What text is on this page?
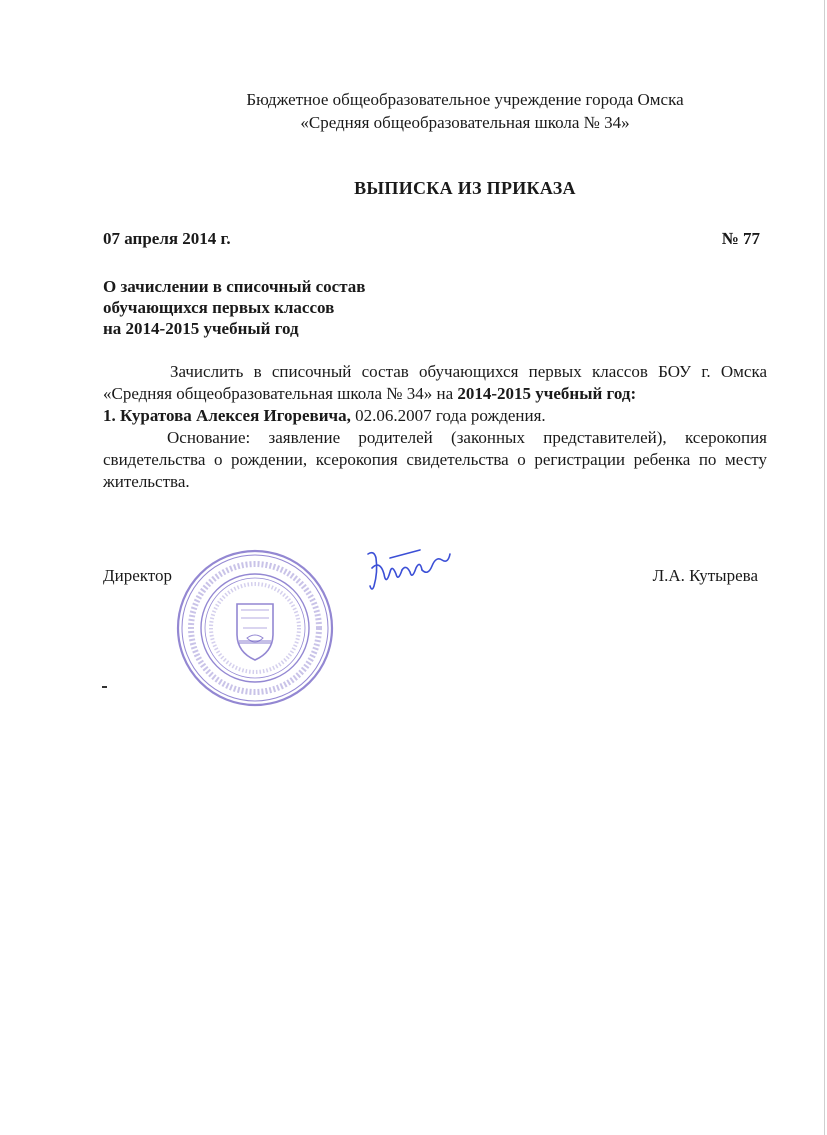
Бюджетное общеобразовательное учреждение города Омска
«Средняя общеобразовательная школа № 34»
ВЫПИСКА ИЗ ПРИКАЗА
07 апреля 2014 г.	№ 77
О зачислении в списочный состав
обучающихся первых классов
на 2014-2015 учебный год

Зачислить в списочный состав обучающихся первых классов БОУ г. Омска «Средняя общеобразовательная школа № 34» на 2014-2015 учебный год:

1. Куратова Алексея Игоревича, 02.06.2007 года рождения.

Основание: заявление родителей (законных представителей), ксерокопия свидетельства о рождении, ксерокопия свидетельства о регистрации ребенка по месту жительства.

Директор	Л.А. Кутырева
